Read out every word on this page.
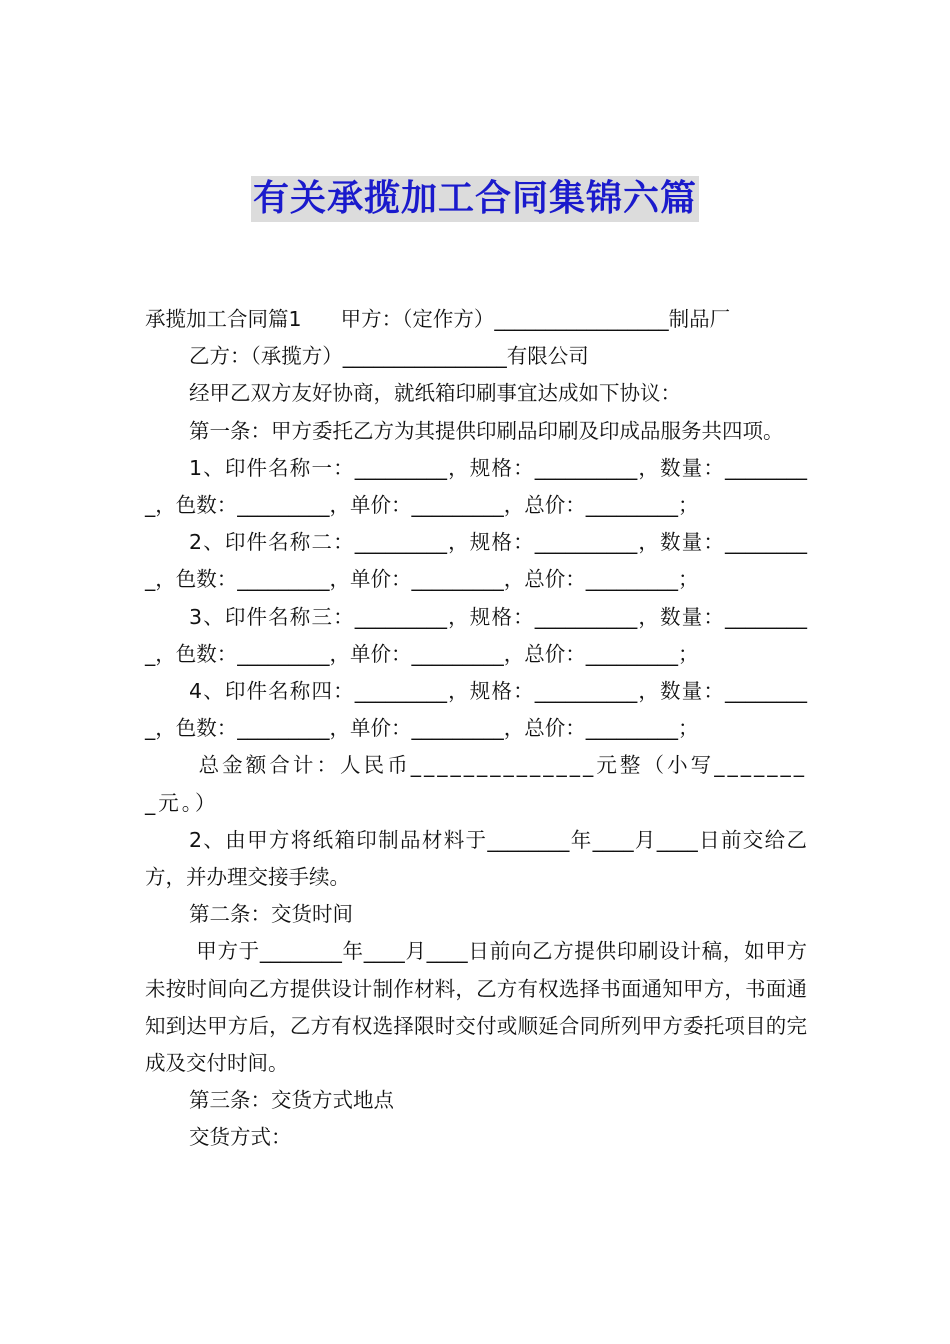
有关承揽加工合同集锦六篇

承揽加工合同篇1      甲方：（定作方）_________________制品厂

乙方：（承揽方）________________有限公司

经甲乙双方友好协商，就纸箱印刷事宜达成如下协议：

第一条：甲方委托乙方为其提供印刷品印刷及印成品服务共四项。

1、印件名称一：_________，规格：__________，数量：_________，色数：_________，单价：_________，总价：_________；

2、印件名称二：_________，规格：__________，数量：_________，色数：_________，单价：_________，总价：_________；

3、印件名称三：_________，规格：__________，数量：_________，色数：_________，单价：_________，总价：_________；

4、印件名称四：_________，规格：__________，数量：_________，色数：_________，单价：_________，总价：_________；

总金额合计：人民币______________元整（小写________元。）

2、由甲方将纸箱印制品材料于________年____月____日前交给乙方，并办理交接手续。

第二条：交货时间

甲方于________年____月____日前向乙方提供印刷设计稿，如甲方未按时间向乙方提供设计制作材料，乙方有权选择书面通知甲方，书面通知到达甲方后，乙方有权选择限时交付或顺延合同所列甲方委托项目的完成及交付时间。

第三条：交货方式地点

交货方式：
